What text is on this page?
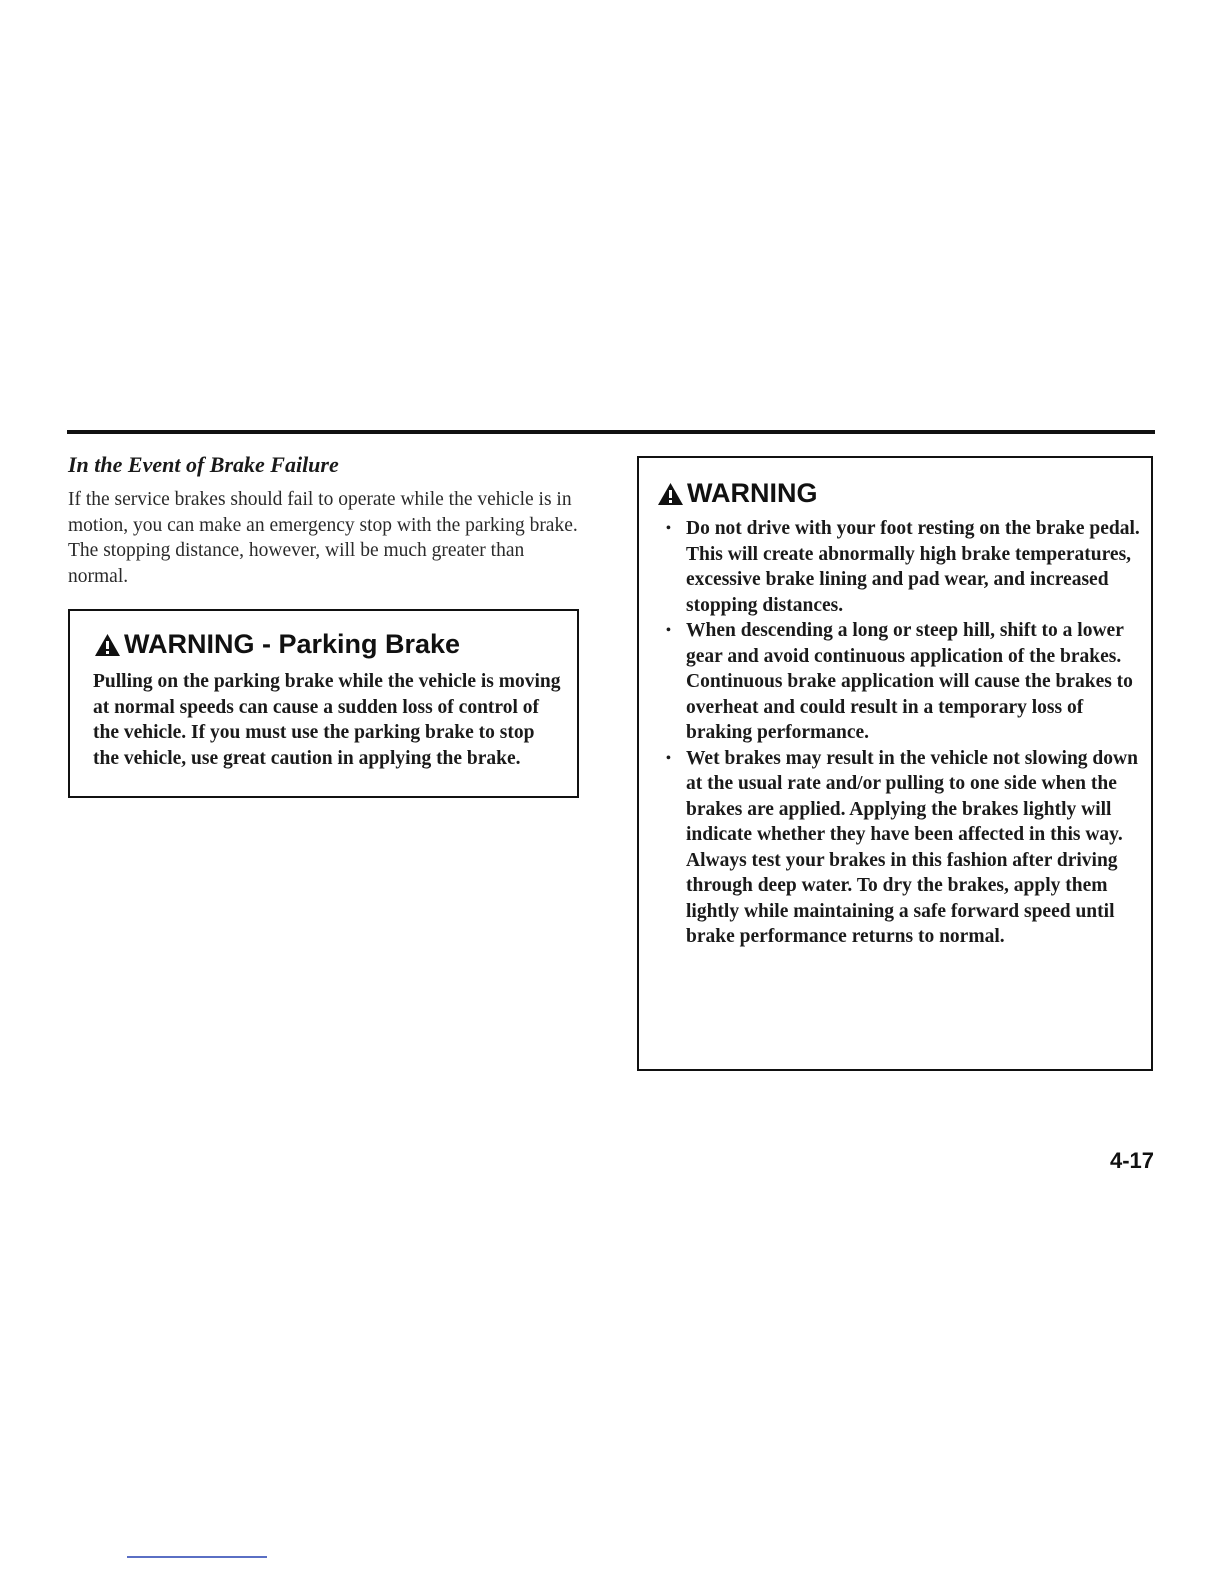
In the Event of Brake Failure

If the service brakes should fail to operate while the vehicle is in motion, you can make an emergency stop with the parking brake. The stopping distance, however, will be much greater than normal.

WARNING - Parking Brake

Pulling on the parking brake while the vehicle is moving at normal speeds can cause a sudden loss of control of the vehicle. If you must use the parking brake to stop the vehicle, use great caution in applying the brake.

WARNING
• Do not drive with your foot resting on the brake pedal. This will create abnormally high brake temperatures, excessive brake lining and pad wear, and increased stopping distances.
• When descending a long or steep hill, shift to a lower gear and avoid continuous application of the brakes. Continuous brake application will cause the brakes to overheat and could result in a temporary loss of braking performance.
• Wet brakes may result in the vehicle not slowing down at the usual rate and/or pulling to one side when the brakes are applied. Applying the brakes lightly will indicate whether they have been affected in this way. Always test your brakes in this fashion after driving through deep water. To dry the brakes, apply them lightly while maintaining a safe forward speed until brake performance returns to normal.
4-17
